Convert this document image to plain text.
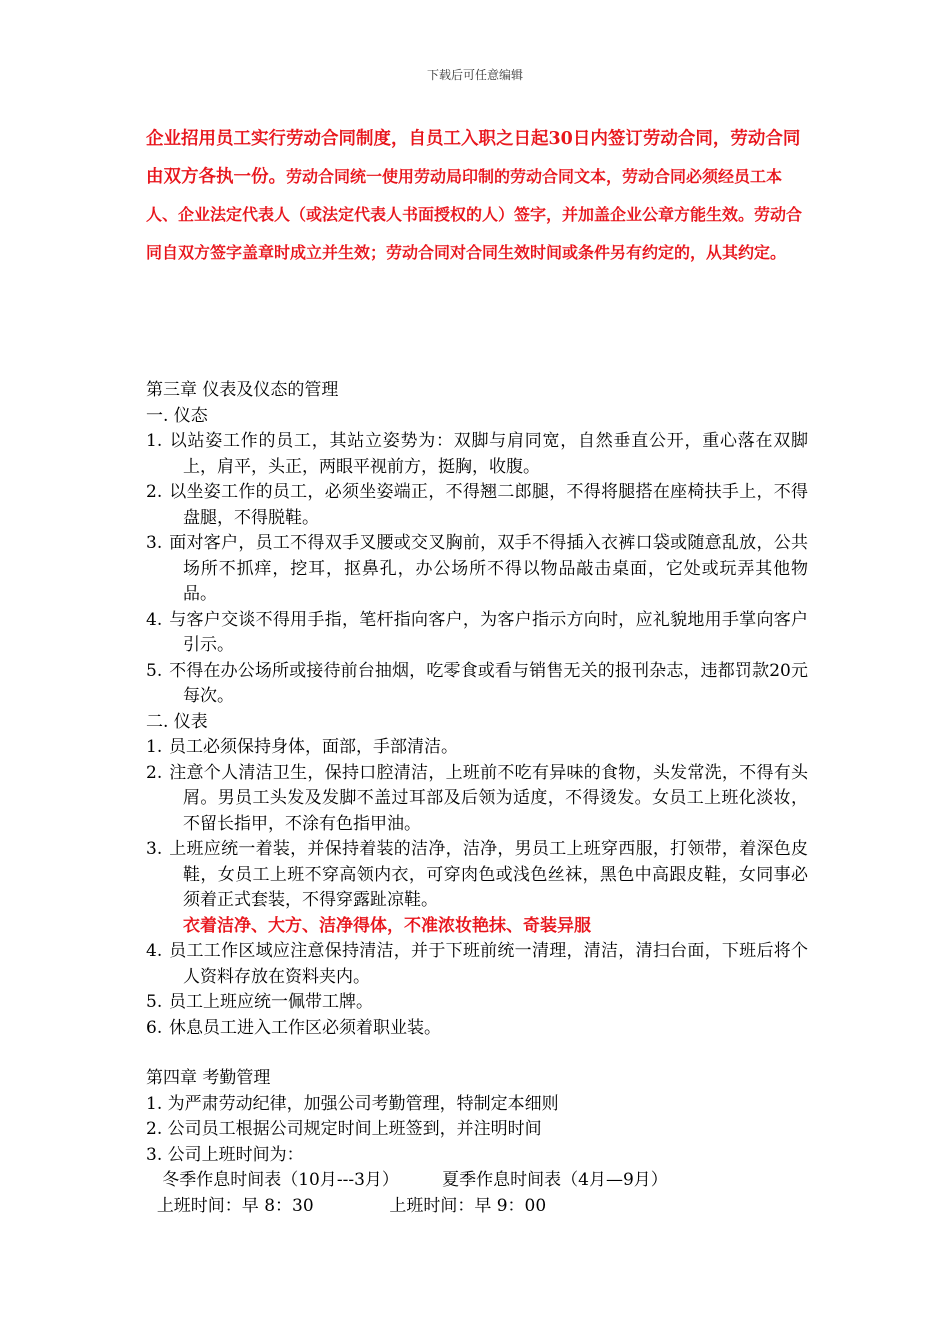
下载后可任意编辑
企业招用员工实行劳动合同制度，自员工入职之日起30日内签订劳动合同，劳动合同由双方各执一份。劳动合同统一使用劳动局印制的劳动合同文本，劳动合同必须经员工本人、企业法定代表人（或法定代表人书面授权的人）签字，并加盖企业公章方能生效。劳动合同自双方签字盖章时成立并生效；劳动合同对合同生效时间或条件另有约定的，从其约定。

第三章 仪表及仪态的管理

一. 仪态

1. 以站姿工作的员工，其站立姿势为：双脚与肩同宽，自然垂直公开，重心落在双脚上，肩平，头正，两眼平视前方，挺胸，收腹。

2. 以坐姿工作的员工，必须坐姿端正，不得翘二郎腿，不得将腿搭在座椅扶手上，不得盘腿，不得脱鞋。

3. 面对客户，员工不得双手叉腰或交叉胸前，双手不得插入衣裤口袋或随意乱放，公共场所不抓痒，挖耳，抠鼻孔，办公场所不得以物品敲击桌面，它处或玩弄其他物品。

4. 与客户交谈不得用手指，笔杆指向客户，为客户指示方向时，应礼貌地用手掌向客户引示。

5. 不得在办公场所或接待前台抽烟，吃零食或看与销售无关的报刊杂志，违都罚款20元每次。

二. 仪表

1. 员工必须保持身体，面部，手部清洁。

2. 注意个人清洁卫生，保持口腔清洁，上班前不吃有异味的食物，头发常洗，不得有头屑。男员工头发及发脚不盖过耳部及后领为适度，不得烫发。女员工上班化淡妆，不留长指甲，不涂有色指甲油。

3. 上班应统一着装，并保持着装的洁净，洁净，男员工上班穿西服，打领带，着深色皮鞋，女员工上班不穿高领内衣，可穿肉色或浅色丝袜，黑色中高跟皮鞋，女同事必须着正式套装，不得穿露趾凉鞋。

衣着洁净、大方、洁净得体，不准浓妆艳抹、奇装异服

4. 员工工作区域应注意保持清洁，并于下班前统一清理，清洁，清扫台面，下班后将个人资料存放在资料夹内。

5. 员工上班应统一佩带工牌。

6. 休息员工进入工作区必须着职业装。

第四章 考勤管理

1. 为严肃劳动纪律，加强公司考勤管理，特制定本细则

2. 公司员工根据公司规定时间上班签到，并注明时间

3. 公司上班时间为：

冬季作息时间表（10月---3月）	夏季作息时间表（4月—9月）

上班时间：早 8：30	上班时间：早 9：00
